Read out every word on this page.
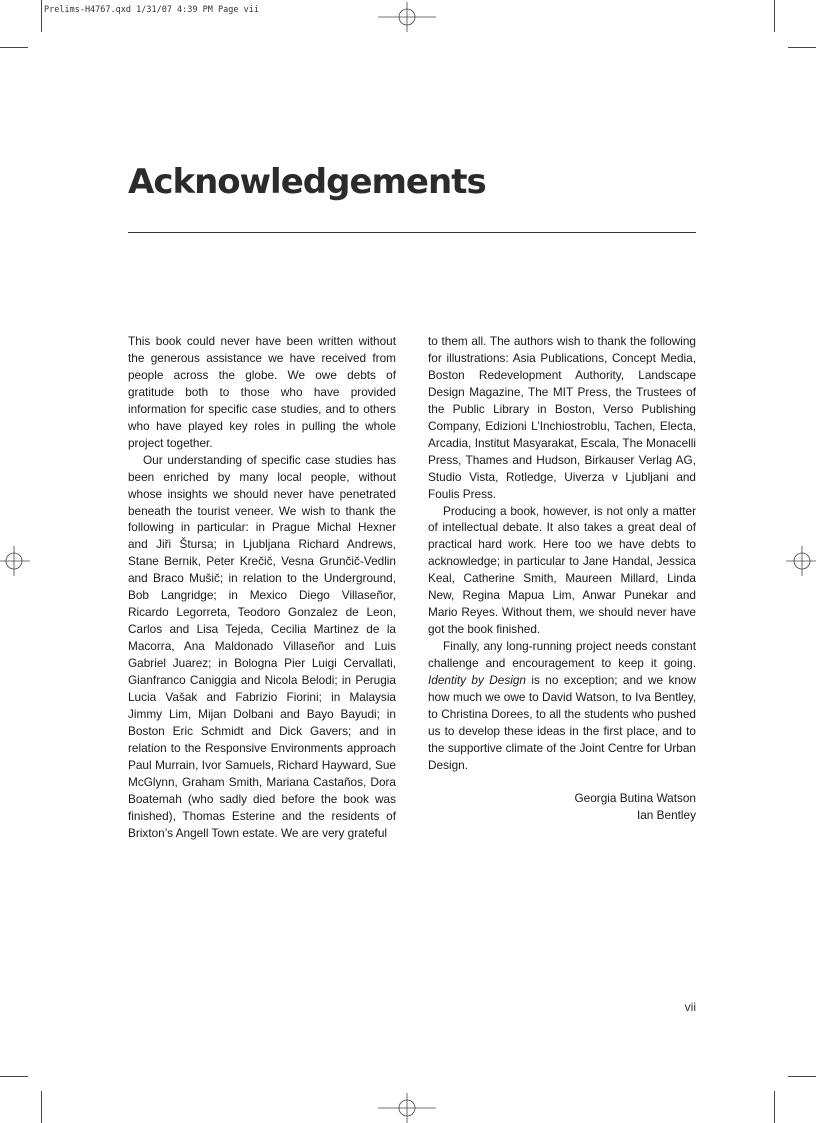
Prelims-H4767.qxd 1/31/07 4:39 PM Page vii
Acknowledgements

This book could never have been written without the generous assistance we have received from people across the globe. We owe debts of gratitude both to those who have provided information for specific case studies, and to others who have played key roles in pulling the whole project together.

Our understanding of specific case studies has been enriched by many local people, without whose insights we should never have penetrated beneath the tourist veneer. We wish to thank the following in particular: in Prague Michal Hexner and Jiři Štursa; in Ljubljana Richard Andrews, Stane Bernik, Peter Krečič, Vesna Grunčič-Vedlin and Braco Mušič; in relation to the Underground, Bob Langridge; in Mexico Diego Villaseñor, Ricardo Legorreta, Teodoro Gonzalez de Leon, Carlos and Lisa Tejeda, Cecilia Martinez de la Macorra, Ana Maldonado Villaseñor and Luis Gabriel Juarez; in Bologna Pier Luigi Cervallati, Gianfranco Caniggia and Nicola Belodi; in Perugia Lucia Vašak and Fabrizio Fiorini; in Malaysia Jimmy Lim, Mijan Dolbani and Bayo Bayudi; in Boston Eric Schmidt and Dick Gavers; and in relation to the Responsive Environments approach Paul Murrain, Ivor Samuels, Richard Hayward, Sue McGlynn, Graham Smith, Mariana Castaños, Dora Boatemah (who sadly died before the book was finished), Thomas Esterine and the residents of Brixton’s Angell Town estate. We are very grateful

to them all. The authors wish to thank the following for illustrations: Asia Publications, Concept Media, Boston Redevelopment Authority, Landscape Design Magazine, The MIT Press, the Trustees of the Public Library in Boston, Verso Publishing Company, Edizioni L’Inchiostroblu, Tachen, Electa, Arcadia, Institut Masyarakat, Escala, The Monacelli Press, Thames and Hudson, Birkauser Verlag AG, Studio Vista, Rotledge, Uiverza v Ljubljani and Foulis Press.

Producing a book, however, is not only a matter of intellectual debate. It also takes a great deal of practical hard work. Here too we have debts to acknowledge; in particular to Jane Handal, Jessica Keal, Catherine Smith, Maureen Millard, Linda New, Regina Mapua Lim, Anwar Punekar and Mario Reyes. Without them, we should never have got the book finished.

Finally, any long-running project needs constant challenge and encouragement to keep it going. Identity by Design is no exception; and we know how much we owe to David Watson, to Iva Bentley, to Christina Dorees, to all the students who pushed us to develop these ideas in the first place, and to the supportive climate of the Joint Centre for Urban Design.

Georgia Butina Watson
Ian Bentley
vii
